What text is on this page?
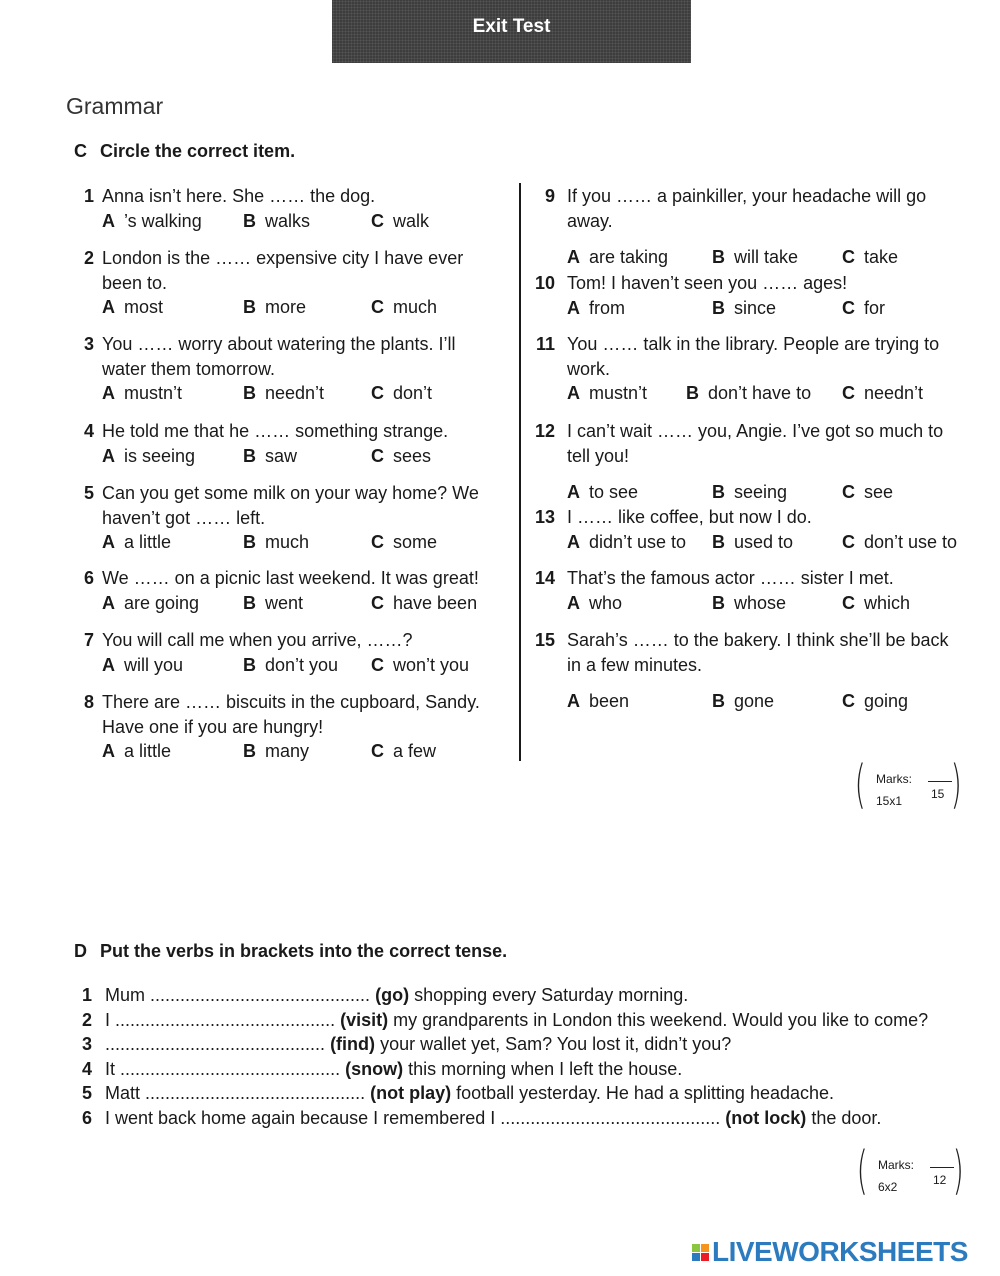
Exit Test
Grammar
C Circle the correct item.
1 Anna isn’t here. She …… the dog.
A ’s walking B walks	C walk
2 London is the …… expensive city I have ever
been to.
A most	B more	C much
3 You …… worry about watering the plants. I’ll
water them tomorrow.
A mustn’t	B needn’t	C don’t
4 He told me that he …… something strange.
A is seeing	B saw	C sees
5 Can you get some milk on your way home? We
haven’t got …… left.
A a little	B much	C some
6 We …… on a picnic last weekend. It was great!
A are going B went	C have been
7 You will call me when you arrive, ……?
A will you	B don’t you C won’t you
8 There are …… biscuits in the cupboard, Sandy.
Have one if you are hungry!
A a little	B many	C a few
9 If you …… a painkiller, your headache will go
away.
A are taking B will take C take
10 Tom! I haven’t seen you …… ages!
A from	B since	C for
11 You …… talk in the library. People are trying to
work.
A mustn’t B don’t have to C needn’t
12 I can’t wait …… you, Angie. I’ve got so much to
tell you!
A to see	B seeing	C see
13 I …… like coffee, but now I do.
A didn’t use to B used to	C don’t use to
14 That’s the famous actor …… sister I met.
A who	B whose	C which
15 Sarah’s …… to the bakery. I think she’ll be back
in a few minutes.
A been	B gone	C going
( Marks:
15x1 15 )
D Put the verbs in brackets into the correct tense.
1 Mum ............................................ (go) shopping every Saturday morning.
2 I ............................................ (visit) my grandparents in London this weekend. Would you like to come?
3 ............................................ (find) your wallet yet, Sam? You lost it, didn’t you?
4 It ............................................ (snow) this morning when I left the house.
5 Matt ............................................ (not play) football yesterday. He had a splitting headache.
6 I went back home again because I remembered I ............................................ (not lock) the door.
( Marks:
6x2	12 )
LIVEWORKSHEETS
